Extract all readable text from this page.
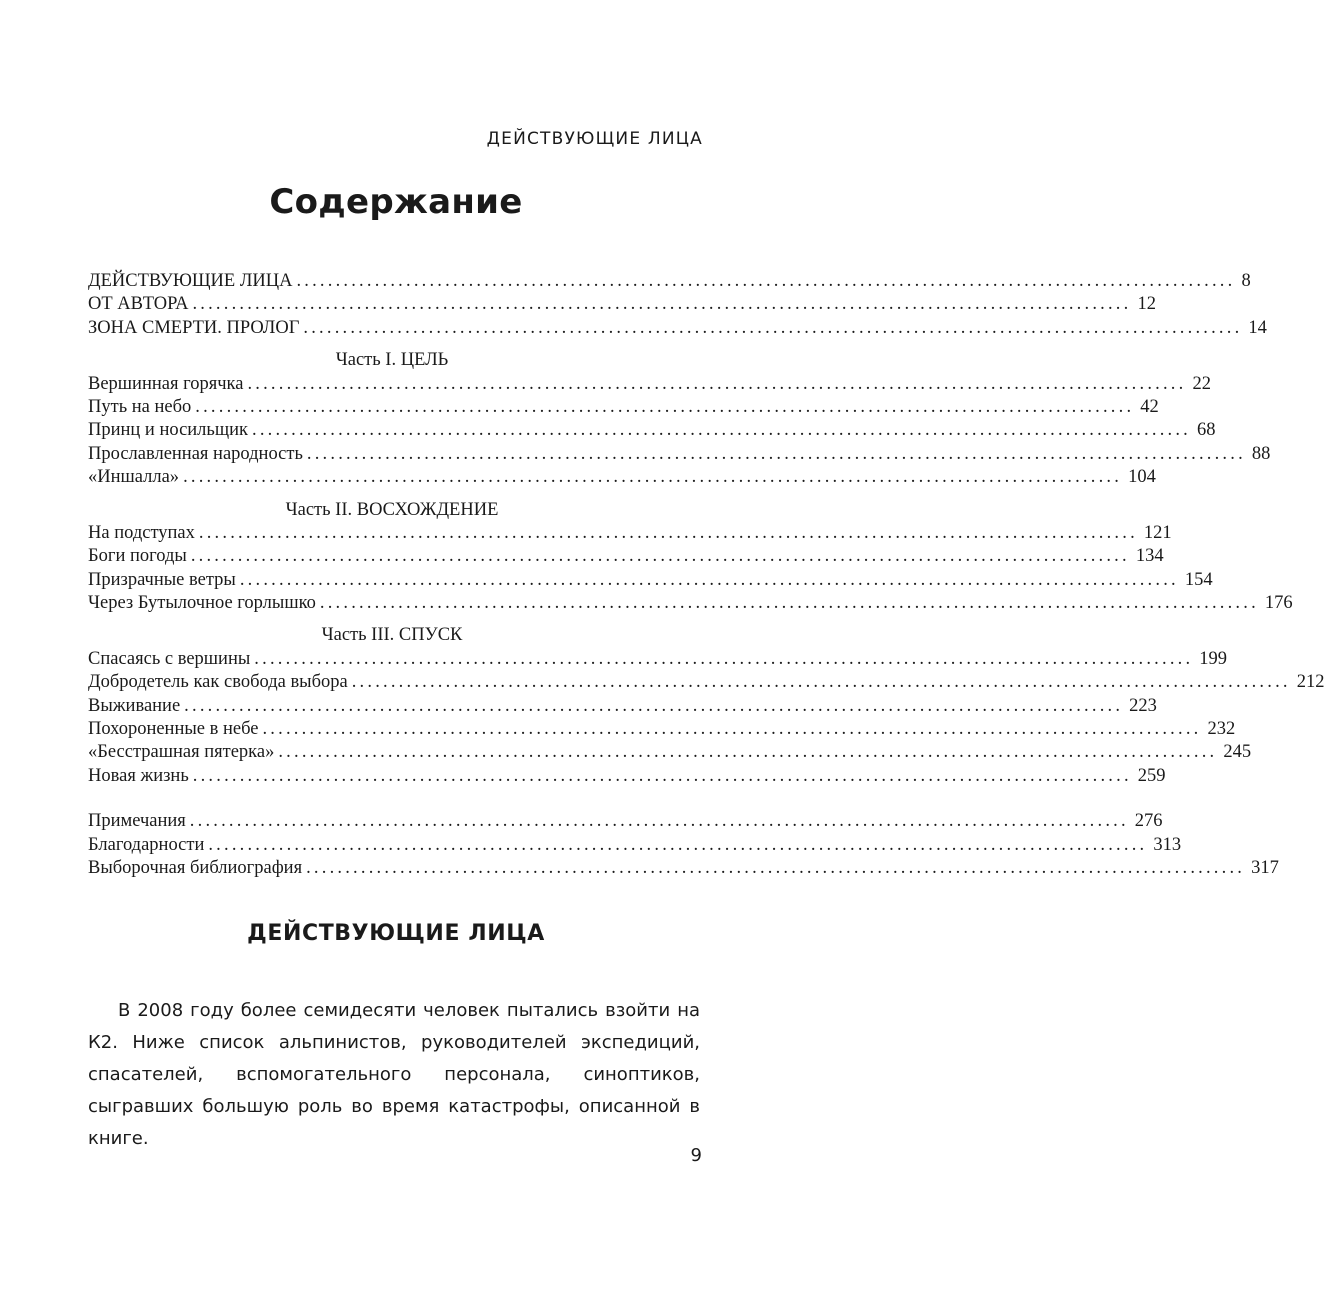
ДЕЙСТВУЮЩИЕ ЛИЦА
Содержание
ДЕЙСТВУЮЩИЕ ЛИЦА ........................................................................................................................ 8
ОТ АВТОРА ........................................................................................................................ 12
ЗОНА СМЕРТИ. ПРОЛОГ ........................................................................................................................ 14
Часть I. ЦЕЛЬ
Вершинная горячка ........................................................................................................................ 22
Путь на небо ........................................................................................................................ 42
Принц и носильщик ........................................................................................................................ 68
Прославленная народность ........................................................................................................................ 88
«Иншалла» ........................................................................................................................ 104
Часть II. ВОСХОЖДЕНИЕ
На подступах ........................................................................................................................ 121
Боги погоды ........................................................................................................................ 134
Призрачные ветры ........................................................................................................................ 154
Через Бутылочное горлышко ........................................................................................................................ 176
Часть III. СПУСК
Спасаясь с вершины ........................................................................................................................ 199
Добродетель как свобода выбора ........................................................................................................................ 212
Выживание ........................................................................................................................ 223
Похороненные в небе ........................................................................................................................ 232
«Бесстрашная пятерка» ........................................................................................................................ 245
Новая жизнь ........................................................................................................................ 259
Примечания ........................................................................................................................ 276
Благодарности ........................................................................................................................ 313
Выборочная библиография ........................................................................................................................ 317
ДЕЙСТВУЮЩИЕ ЛИЦА

В 2008 году более семидесяти человек пытались взойти на К2. Ниже список альпинистов, руководителей экспедиций, спасателей, вспомогательного персонала, синоптиков, сыгравших большую роль во время катастрофы, описанной в книге.

9
